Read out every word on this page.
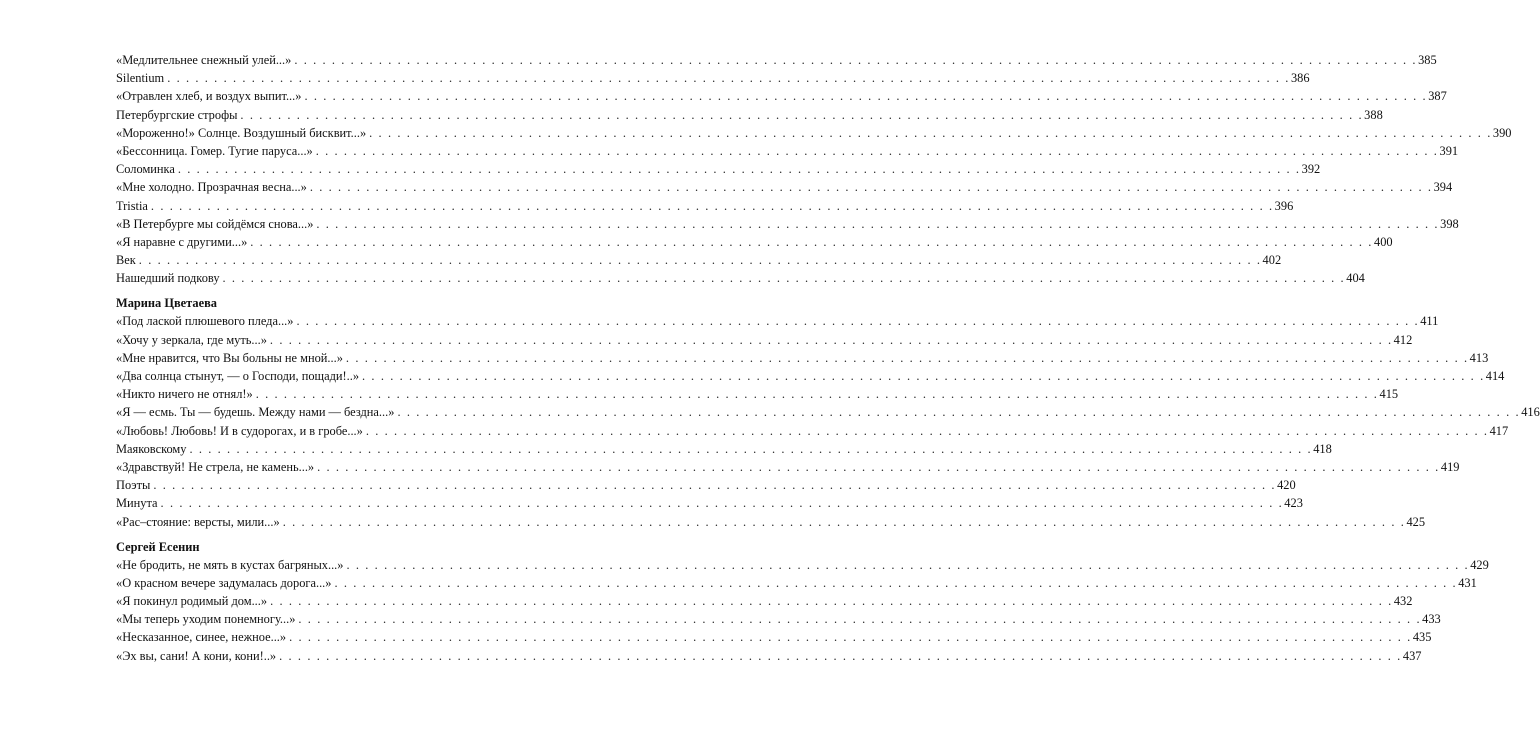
«Медлительнее снежный улей...» . . . . . . . . . . . . . . . . . . . . . . . . . . . . . . . . . . . . . . . . . . . . . . . . . . . . . . . . . . . . . . . . . . . . . . . . . . . . . . . . . . . . . . . . . . . . . . . . . . . . . . . . . . . . . . . . . . . . . . . . 385
Silentium . . . . . . . . . . . . . . . . . . . . . . . . . . . . . . . . . . . . . . . . . . . . . . . . . . . . . . . . . . . . . . . . . . . . . . . . . . . . . . . . . . . . . . . . . . . . . . . . . . . . . . . . . . . . . . . . . . . . . . . . 386
«Отравлен хлеб, и воздух выпит...» . . . . . . . . . . . . . . . . . . . . . . . . . . . . . . . . . . . . . . . . . . . . . . . . . . . . . . . . . . . . . . . . . . . . . . . . . . . . . . . . . . . . . . . . . . . . . . . . . . . . . . . . . . . . . . . . . . . . . . . . 387
Петербургские строфы . . . . . . . . . . . . . . . . . . . . . . . . . . . . . . . . . . . . . . . . . . . . . . . . . . . . . . . . . . . . . . . . . . . . . . . . . . . . . . . . . . . . . . . . . . . . . . . . . . . . . . . . . . . . . . . . . . . . . . . . 388
«Мороженно!» Солнце. Воздушный бисквит...» . . . . . . . . . . . . . . . . . . . . . . . . . . . . . . . . . . . . . . . . . . . . . . . . . . . . . . . . . . . . . . . . . . . . . . . . . . . . . . . . . . . . . . . . . . . . . . . . . . . . . . . . . . . . . . . . . . . . . . . . 390
«Бессонница. Гомер. Тугие паруса...» . . . . . . . . . . . . . . . . . . . . . . . . . . . . . . . . . . . . . . . . . . . . . . . . . . . . . . . . . . . . . . . . . . . . . . . . . . . . . . . . . . . . . . . . . . . . . . . . . . . . . . . . . . . . . . . . . . . . . . . . 391
Соломинка . . . . . . . . . . . . . . . . . . . . . . . . . . . . . . . . . . . . . . . . . . . . . . . . . . . . . . . . . . . . . . . . . . . . . . . . . . . . . . . . . . . . . . . . . . . . . . . . . . . . . . . . . . . . . . . . . . . . . . . . 392
«Мне холодно. Прозрачная весна...» . . . . . . . . . . . . . . . . . . . . . . . . . . . . . . . . . . . . . . . . . . . . . . . . . . . . . . . . . . . . . . . . . . . . . . . . . . . . . . . . . . . . . . . . . . . . . . . . . . . . . . . . . . . . . . . . . . . . . . . . 394
Tristia . . . . . . . . . . . . . . . . . . . . . . . . . . . . . . . . . . . . . . . . . . . . . . . . . . . . . . . . . . . . . . . . . . . . . . . . . . . . . . . . . . . . . . . . . . . . . . . . . . . . . . . . . . . . . . . . . . . . . . . . 396
«В Петербурге мы сойдёмся снова...» . . . . . . . . . . . . . . . . . . . . . . . . . . . . . . . . . . . . . . . . . . . . . . . . . . . . . . . . . . . . . . . . . . . . . . . . . . . . . . . . . . . . . . . . . . . . . . . . . . . . . . . . . . . . . . . . . . . . . . . . 398
«Я наравне с другими...» . . . . . . . . . . . . . . . . . . . . . . . . . . . . . . . . . . . . . . . . . . . . . . . . . . . . . . . . . . . . . . . . . . . . . . . . . . . . . . . . . . . . . . . . . . . . . . . . . . . . . . . . . . . . . . . . . . . . . . . . 400
Век . . . . . . . . . . . . . . . . . . . . . . . . . . . . . . . . . . . . . . . . . . . . . . . . . . . . . . . . . . . . . . . . . . . . . . . . . . . . . . . . . . . . . . . . . . . . . . . . . . . . . . . . . . . . . . . . . . . . . . . . 402
Нашедший подкову . . . . . . . . . . . . . . . . . . . . . . . . . . . . . . . . . . . . . . . . . . . . . . . . . . . . . . . . . . . . . . . . . . . . . . . . . . . . . . . . . . . . . . . . . . . . . . . . . . . . . . . . . . . . . . . . . . . . . . . . 404
Марина Цветаева
«Под лаской плюшевого пледа...» . . . . . . . . . . . . . . . . . . . . . . . . . . . . . . . . . . . . . . . . . . . . . . . . . . . . . . . . . . . . . . . . . . . . . . . . . . . . . . . . . . . . . . . . . . . . . . . . . . . . . . . . . . . . . . . . . . . . . . . . 411
«Хочу у зеркала, где муть...» . . . . . . . . . . . . . . . . . . . . . . . . . . . . . . . . . . . . . . . . . . . . . . . . . . . . . . . . . . . . . . . . . . . . . . . . . . . . . . . . . . . . . . . . . . . . . . . . . . . . . . . . . . . . . . . . . . . . . . . . 412
«Мне нравится, что Вы больны не мной...» . . . . . . . . . . . . . . . . . . . . . . . . . . . . . . . . . . . . . . . . . . . . . . . . . . . . . . . . . . . . . . . . . . . . . . . . . . . . . . . . . . . . . . . . . . . . . . . . . . . . . . . . . . . . . . . . . . . . . . . . 413
«Два солнца стынут, — о Господи, пощади!..» . . . . . . . . . . . . . . . . . . . . . . . . . . . . . . . . . . . . . . . . . . . . . . . . . . . . . . . . . . . . . . . . . . . . . . . . . . . . . . . . . . . . . . . . . . . . . . . . . . . . . . . . . . . . . . . . . . . . . . . . 414
«Никто ничего не отнял!» . . . . . . . . . . . . . . . . . . . . . . . . . . . . . . . . . . . . . . . . . . . . . . . . . . . . . . . . . . . . . . . . . . . . . . . . . . . . . . . . . . . . . . . . . . . . . . . . . . . . . . . . . . . . . . . . . . . . . . . . 415
«Я — есмь. Ты — будешь. Между нами — бездна...» . . . . . . . . . . . . . . . . . . . . . . . . . . . . . . . . . . . . . . . . . . . . . . . . . . . . . . . . . . . . . . . . . . . . . . . . . . . . . . . . . . . . . . . . . . . . . . . . . . . . . . . . . . . . . . . . . . . . . . . . 416
«Любовь! Любовь! И в судорогах, и в гробе...» . . . . . . . . . . . . . . . . . . . . . . . . . . . . . . . . . . . . . . . . . . . . . . . . . . . . . . . . . . . . . . . . . . . . . . . . . . . . . . . . . . . . . . . . . . . . . . . . . . . . . . . . . . . . . . . . . . . . . . . . 417
Маяковскому . . . . . . . . . . . . . . . . . . . . . . . . . . . . . . . . . . . . . . . . . . . . . . . . . . . . . . . . . . . . . . . . . . . . . . . . . . . . . . . . . . . . . . . . . . . . . . . . . . . . . . . . . . . . . . . . . . . . . . . . 418
«Здравствуй! Не стрела, не камень...» . . . . . . . . . . . . . . . . . . . . . . . . . . . . . . . . . . . . . . . . . . . . . . . . . . . . . . . . . . . . . . . . . . . . . . . . . . . . . . . . . . . . . . . . . . . . . . . . . . . . . . . . . . . . . . . . . . . . . . . . 419
Поэты . . . . . . . . . . . . . . . . . . . . . . . . . . . . . . . . . . . . . . . . . . . . . . . . . . . . . . . . . . . . . . . . . . . . . . . . . . . . . . . . . . . . . . . . . . . . . . . . . . . . . . . . . . . . . . . . . . . . . . . . 420
Минута . . . . . . . . . . . . . . . . . . . . . . . . . . . . . . . . . . . . . . . . . . . . . . . . . . . . . . . . . . . . . . . . . . . . . . . . . . . . . . . . . . . . . . . . . . . . . . . . . . . . . . . . . . . . . . . . . . . . . . . . 423
«Рас–стояние: версты, мили...» . . . . . . . . . . . . . . . . . . . . . . . . . . . . . . . . . . . . . . . . . . . . . . . . . . . . . . . . . . . . . . . . . . . . . . . . . . . . . . . . . . . . . . . . . . . . . . . . . . . . . . . . . . . . . . . . . . . . . . . . 425
Сергей Есенин
«Не бродить, не мять в кустах багряных...» . . . . . . . . . . . . . . . . . . . . . . . . . . . . . . . . . . . . . . . . . . . . . . . . . . . . . . . . . . . . . . . . . . . . . . . . . . . . . . . . . . . . . . . . . . . . . . . . . . . . . . . . . . . . . . . . . . . . . . . . 429
«О красном вечере задумалась дорога...» . . . . . . . . . . . . . . . . . . . . . . . . . . . . . . . . . . . . . . . . . . . . . . . . . . . . . . . . . . . . . . . . . . . . . . . . . . . . . . . . . . . . . . . . . . . . . . . . . . . . . . . . . . . . . . . . . . . . . . . . 431
«Я покинул родимый дом...» . . . . . . . . . . . . . . . . . . . . . . . . . . . . . . . . . . . . . . . . . . . . . . . . . . . . . . . . . . . . . . . . . . . . . . . . . . . . . . . . . . . . . . . . . . . . . . . . . . . . . . . . . . . . . . . . . . . . . . . . 432
«Мы теперь уходим понемногу...» . . . . . . . . . . . . . . . . . . . . . . . . . . . . . . . . . . . . . . . . . . . . . . . . . . . . . . . . . . . . . . . . . . . . . . . . . . . . . . . . . . . . . . . . . . . . . . . . . . . . . . . . . . . . . . . . . . . . . . . . 433
«Несказанное, синее, нежное...» . . . . . . . . . . . . . . . . . . . . . . . . . . . . . . . . . . . . . . . . . . . . . . . . . . . . . . . . . . . . . . . . . . . . . . . . . . . . . . . . . . . . . . . . . . . . . . . . . . . . . . . . . . . . . . . . . . . . . . . . 435
«Эх вы, сани! А кони, кони!..» . . . . . . . . . . . . . . . . . . . . . . . . . . . . . . . . . . . . . . . . . . . . . . . . . . . . . . . . . . . . . . . . . . . . . . . . . . . . . . . . . . . . . . . . . . . . . . . . . . . . . . . . . . . . . . . . . . . . . . . . 437
